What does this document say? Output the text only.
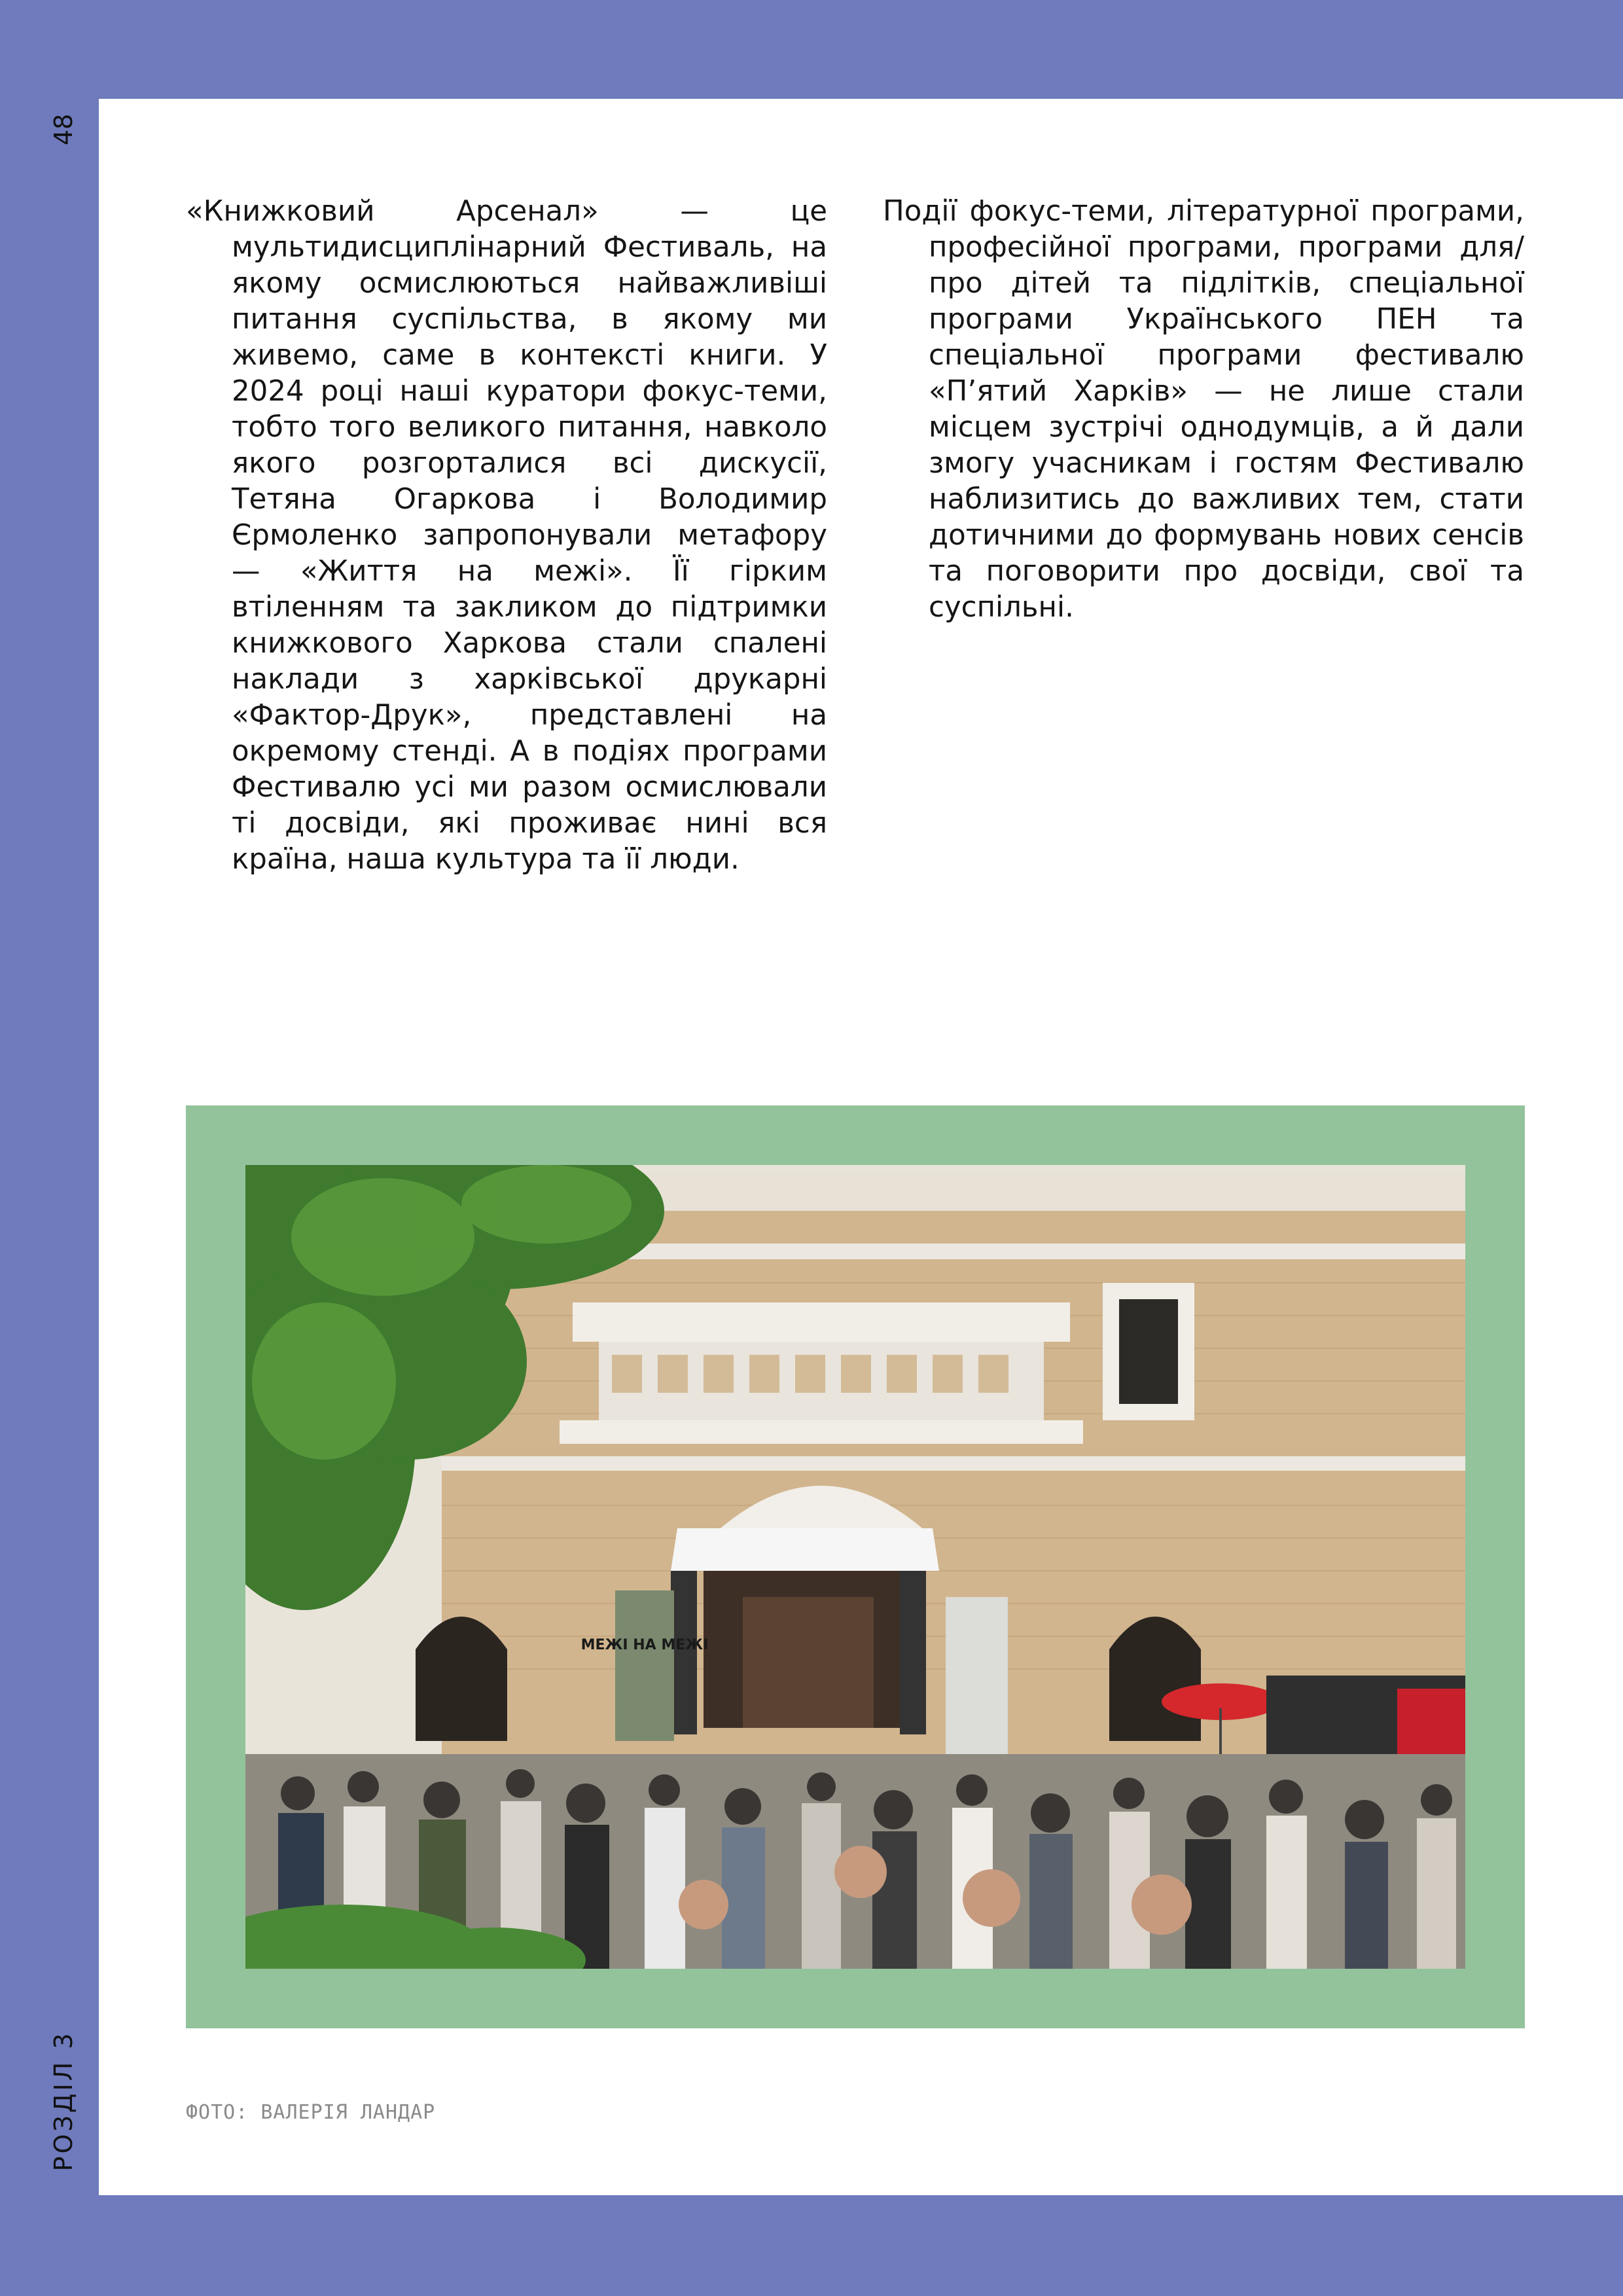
48
РОЗДІЛ 3

«Книжковий Арсенал» — це мультидисциплінарний Фестиваль, на якому осмислюються найважливіші питання суспільства, в якому ми живемо, саме в контексті книги. У 2024 році наші куратори фокус-теми, тобто того великого питання, навколо якого розгорталися всі дискусії, Тетяна Огаркова і Володимир Єрмоленко запропонували метафору — «Життя на межі». Її гірким втіленням та закликом до підтримки книжкового Харкова стали спалені наклади з харківської друкарні «Фактор-Друк», представлені на окремому стенді. А в подіях програми Фестивалю усі ми разом осмислювали ті досвіди, які проживає нині вся країна, наша культура та її люди.

Події фокус-теми, літературної програми, професійної програми, програми для/про дітей та підлітків, спеціальної програми Українського ПЕН та спеціальної програми фестивалю «П’ятий Харків» — не лише стали місцем зустрічі однодумців, а й дали змогу учасникам і гостям Фестивалю наблизитись до важливих тем, стати дотичними до формувань нових сенсів та поговорити про досвіди, свої та суспільні.

МЕЖІ НА МЕЖІ
ФОТО: ВАЛЕРІЯ ЛАНДАР
